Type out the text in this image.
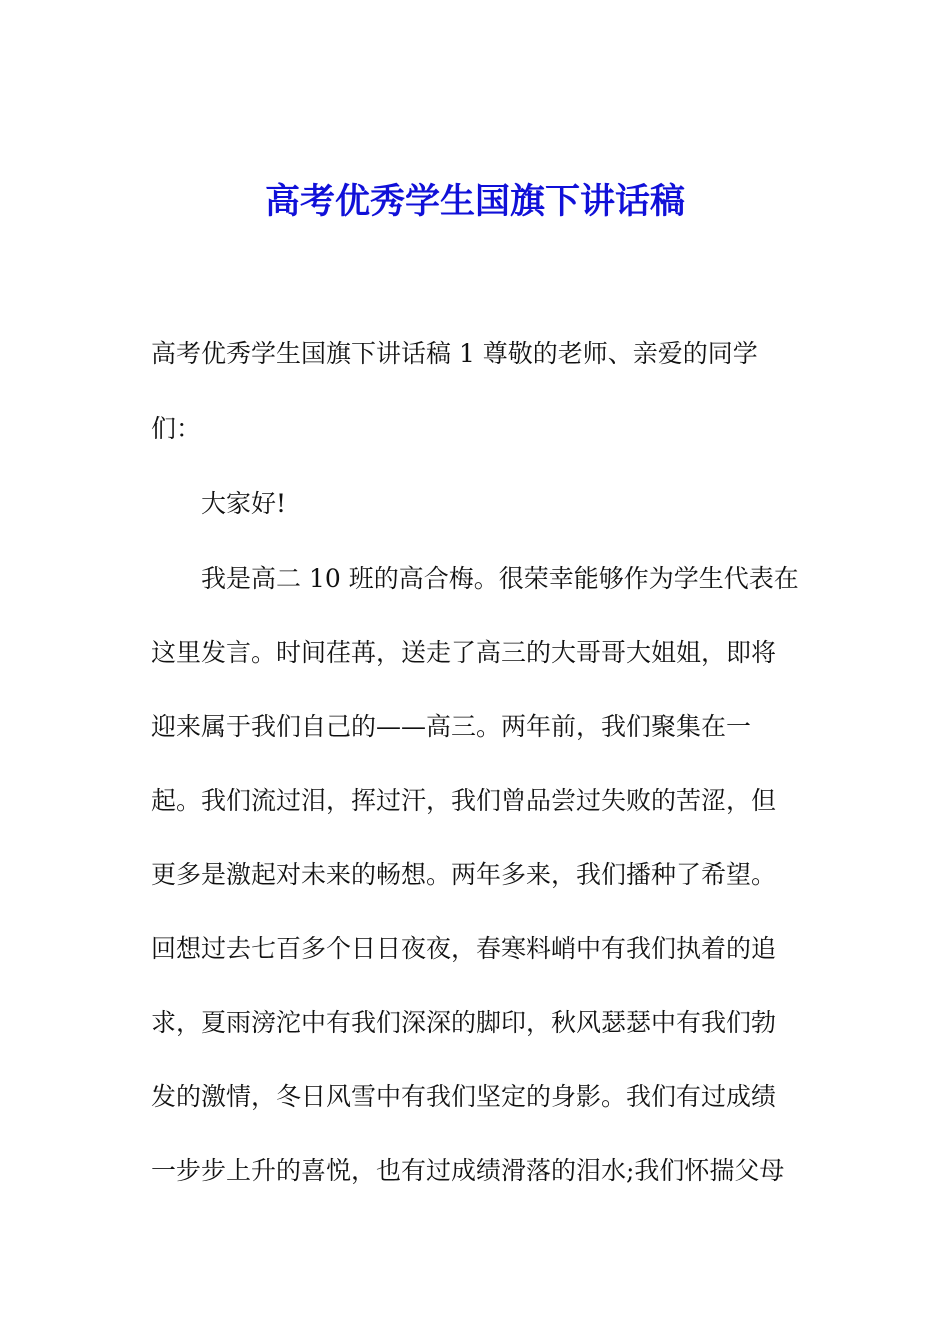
高考优秀学生国旗下讲话稿
高考优秀学生国旗下讲话稿 1 尊敬的老师、亲爱的同学
们：
大家好!
我是高二 10 班的高合梅。很荣幸能够作为学生代表在
这里发言。时间荏苒，送走了高三的大哥哥大姐姐，即将
迎来属于我们自己的——高三。两年前，我们聚集在一
起。我们流过泪，挥过汗，我们曾品尝过失败的苦涩，但
更多是激起对未来的畅想。两年多来，我们播种了希望。
回想过去七百多个日日夜夜，春寒料峭中有我们执着的追
求，夏雨滂沱中有我们深深的脚印，秋风瑟瑟中有我们勃
发的激情，冬日风雪中有我们坚定的身影。我们有过成绩
一步步上升的喜悦，也有过成绩滑落的泪水;我们怀揣父母
